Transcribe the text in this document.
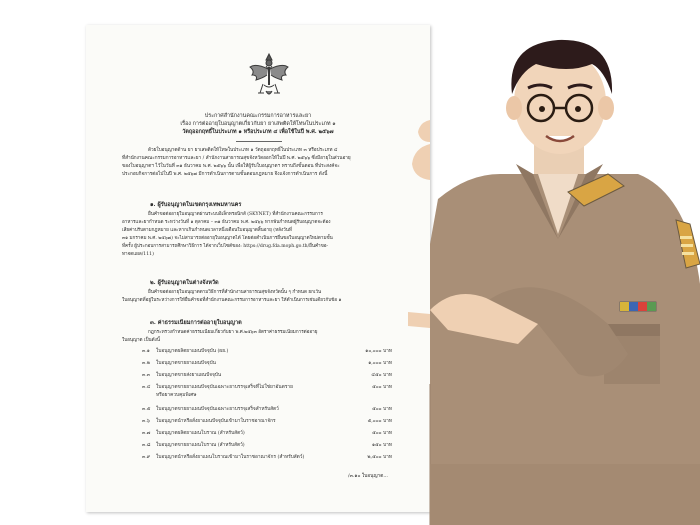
ประกาศสำนักงานคณะกรรมการอาหารและยา
เรื่อง การต่ออายุใบอนุญาตเกี่ยวกับยา ยาเสพติดให้โทษในประเภท ๑
วัตถุออกฤทธิ์ในประเภท ๑ หรือประเภท ๔ เพื่อใช้ในปี พ.ศ. ๒๕๖๗
ด้วยใบอนุญาตด้าน ยา ยาเสพติดให้โทษในประเภท ๑ วัตถุออกฤทธิ์ในประเภท ๓ หรือประเภท ๔
ที่สำนักงานคณะกรรมการอาหารและยา / สำนักงานสาธารณสุขจังหวัดออกให้ในปี พ.ศ. ๒๕๖๖ ซึ่งมีอายุในส่วนอายุ
ของใบอนุญาตฯ ไว้ในวันที่ ๓๑ ธันวาคม พ.ศ. ๒๕๖๖ นั้น เพื่อให้ผู้รับใบอนุญาตฯ ทราบถึงขั้นตอน ที่ประสงค์จะ
ประกอบกิจการต่อไปในปี พ.ศ. ๒๕๖๗ มีการดำเนินการตามขั้นตอนกฎหมาย จึงแจ้งการดำเนินการ ดังนี้
๑. ผู้รับอนุญาตในเขตกรุงเทพมหานคร
ยื่นคำขอต่ออายุใบอนุญาตผ่านระบบอิเล็กทรอนิกส์ (SKYNET) ที่สำนักงานคณะกรรมการ
อาหารและยากำหนด ระหว่างวันที่ ๑ ตุลาคม – ๓๑ ธันวาคม พ.ศ. ๒๕๖๖ หากพ้นกำหนดผู้รับอนุญาตจะต้อง
เสียค่าปรับตามกฎหมาย และหากเกินกำหนดเวลาหนึ่งเดือนใบอนุญาตสิ้นอายุ (หลังวันที่
๓๑ มกราคม พ.ศ. ๒๕๖๗) จะไม่สามารถต่ออายุใบอนุญาตได้ โดยต่อดำเนินการยื่นขอใบอนุญาตใหม่ตามขั้น
ที่ครั้ง ผู้ประกอบการสามารถศึกษาวิธีการ ได้จากเว็บไซต์ของ: https://drug.fda.moph.go.th/ยื่นคำขอ-
ทาจดแผล/111)
๒. ผู้รับอนุญาตในต่างจังหวัด
ยื่นคำขอต่ออายุใบอนุญาตตามวิธีการที่สำนักงานสาธารณสุขจังหวัดนั้น ๆ กำหนด ยกเว้น
ใบอนุญาตที่อยู่ในระหว่างการให้ยื่นคำขอที่สำนักงานคณะกรรมการอาหารและยา ให้ดำเนินการเช่นเดียวกับข้อ ๑
๓. ค่าธรรมเนียมการต่ออายุใบอนุญาต
กฎกระทรวงกำหนดค่าธรรมเนียมเกี่ยวกับยา พ.ศ.๒๕๖๓ อัตราค่าธรรมเนียมการต่ออายุ
ใบอนุญาต เป็นดังนี้
๓.๑ ใบอนุญาตผลิตยาแผนปัจจุบัน (ผย.)	๑๐,๐๐๐ บาท
๓.๒ ใบอนุญาตขายยาแผนปัจจุบัน	๑,๐๐๐ บาท
๓.๓ ใบอนุญาตขายส่งยาแผนปัจจุบัน	๔๕๐ บาท
๓.๔ ใบอนุญาตขายยาแผนปัจจุบันเฉพาะยาบรรจุเสร็จที่ไม่ใช่ยาอันตราย	๕๐๐ บาท
หรือยาควบคุมพิเศษ
๓.๕ ใบอนุญาตขายยาแผนปัจจุบันเฉพาะยาบรรจุเสร็จสำหรับสัตว์	๕๐๐ บาท
๓.๖ ใบอนุญาตนำหรือสั่งยาแผนปัจจุบันเข้ามาในราชอาณาจักร	๕,๐๐๐ บาท
๓.๗ ใบอนุญาตผลิตยาแผนโบราณ (สำหรับสัตว์)	๕๐๐ บาท
๓.๘ ใบอนุญาตขายยาแผนโบราณ (สำหรับสัตว์)	๑๕๐ บาท
๓.๙ ใบอนุญาตนำหรือสั่งยาแผนโบราณเข้ามาในราชอาณาจักร (สำหรับสัตว์)	๒,๕๐๐ บาท
/๓.๑๐ ใบอนุญาต...
